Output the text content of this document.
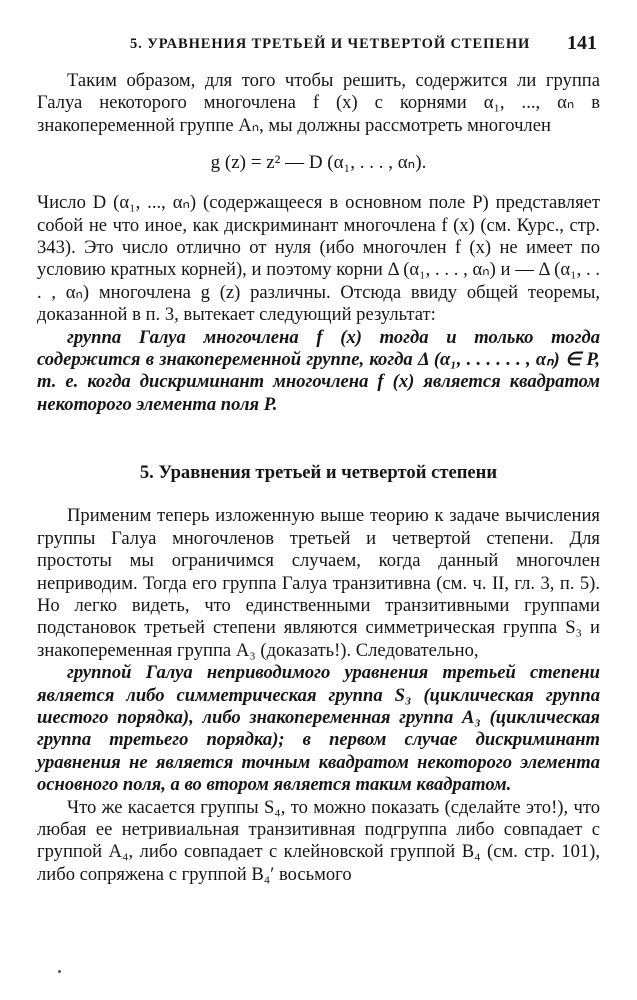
5. УРАВНЕНИЯ ТРЕТЬЕЙ И ЧЕТВЕРТОЙ СТЕПЕНИ 141

Таким образом, для того чтобы решить, содержится ли группа Галуа некоторого многочлена f (x) с корнями α₁, ..., αₙ в знакопеременной группе Aₙ, мы должны рассмотреть многочлен

g (z) = z² — D (α₁, . . . , αₙ).

Число D (α₁, ..., αₙ) (содержащееся в основном поле P) представляет собой не что иное, как дискриминант многочлена f (x) (см. Курс., стр. 343). Это число отлично от нуля (ибо многочлен f (x) не имеет по условию кратных корней), и поэтому корни Δ (α₁, . . . , αₙ) и — Δ (α₁, . . . , αₙ) многочлена g (z) различны. Отсюда ввиду общей теоремы, доказанной в п. 3, вытекает следующий результат:

группа Галуа многочлена f (x) тогда и только тогда содержится в знакопеременной группе, когда Δ (α₁, . . . . . . , αₙ) ∈ P, т. е. когда дискриминант многочлена f (x) является квадратом некоторого элемента поля P.

5. Уравнения третьей и четвертой степени

Применим теперь изложенную выше теорию к задаче вычисления группы Галуа многочленов третьей и четвертой степени. Для простоты мы ограничимся случаем, когда данный многочлен неприводим. Тогда его группа Галуа транзитивна (см. ч. II, гл. 3, п. 5). Но легко видеть, что единственными транзитивными группами подстановок третьей степени являются симметрическая группа S₃ и знакопеременная группа A₃ (доказать!). Следовательно,

группой Галуа неприводимого уравнения третьей степени является либо симметрическая группа S₃ (циклическая группа шестого порядка), либо знакопеременная группа A₃ (циклическая группа третьего порядка); в первом случае дискриминант уравнения не является точным квадратом некоторого элемента основного поля, а во втором является таким квадратом.

Что же касается группы S₄, то можно показать (сделайте это!), что любая ее нетривиальная транзитивная подгруппа либо совпадает с группой A₄, либо совпадает с клейновской группой B₄ (см. стр. 101), либо сопряжена с группой B₄′ восьмого
